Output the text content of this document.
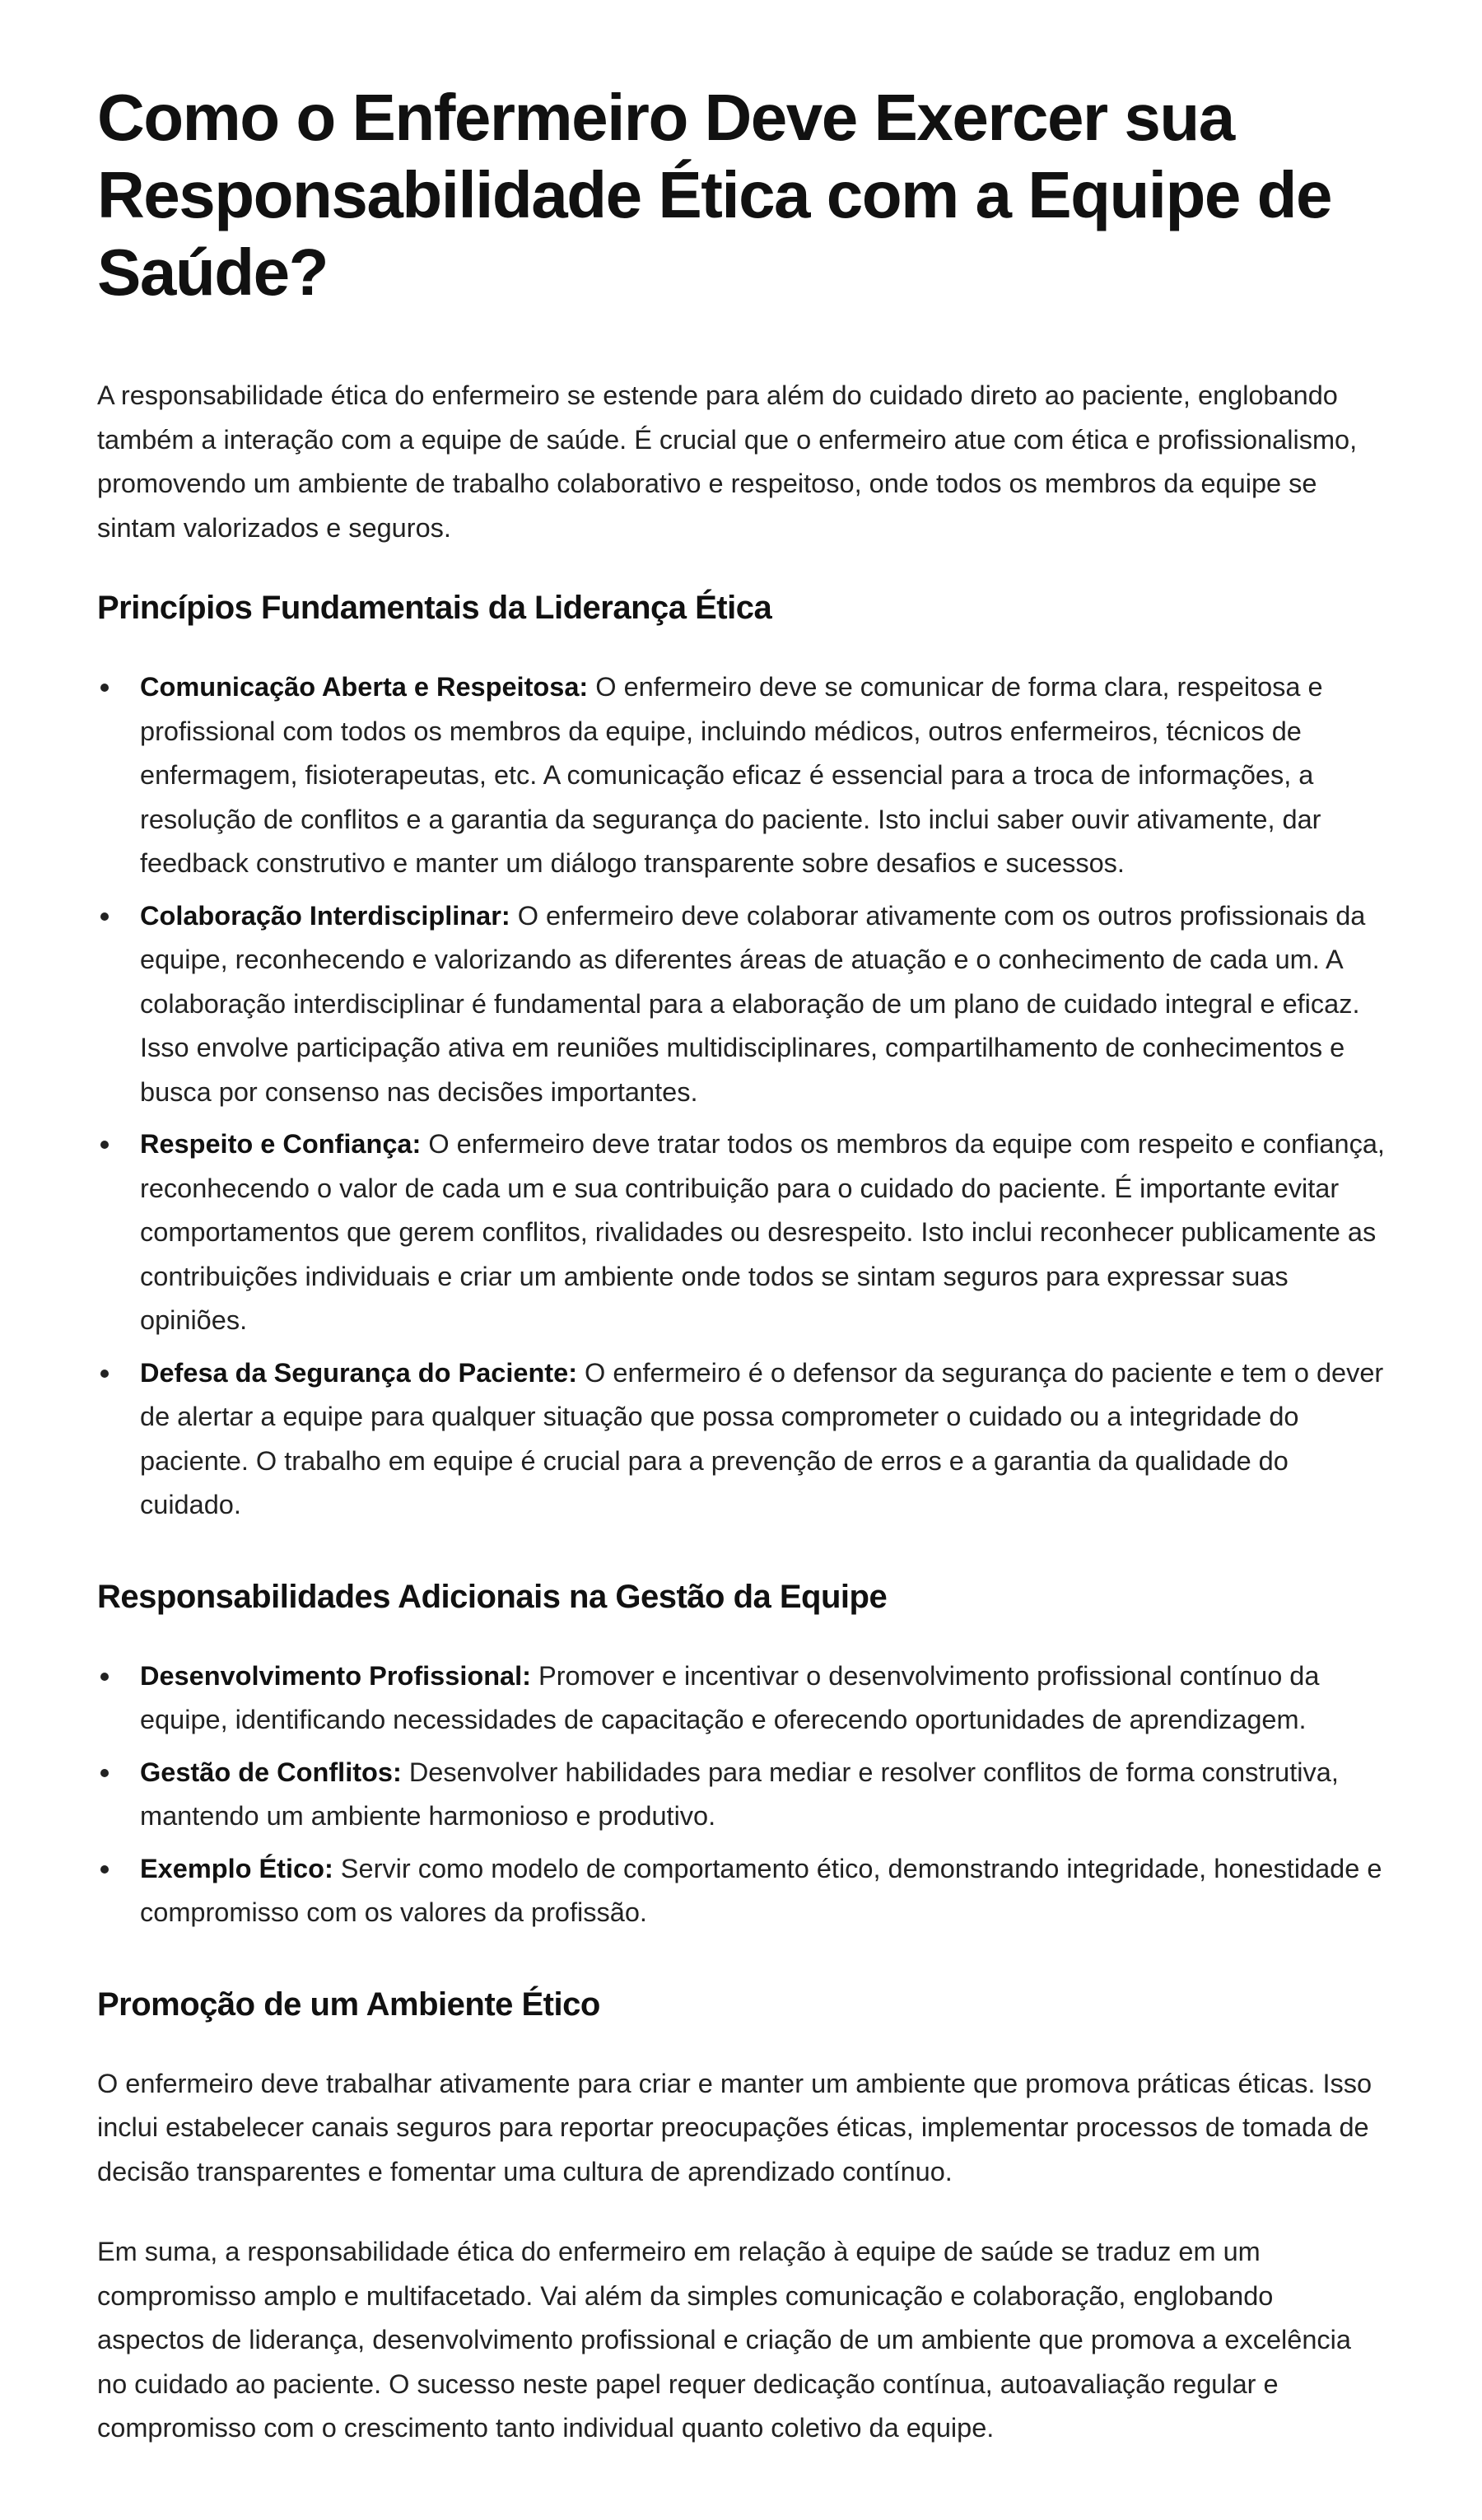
Como o Enfermeiro Deve Exercer sua Responsabilidade Ética com a Equipe de Saúde?

A responsabilidade ética do enfermeiro se estende para além do cuidado direto ao paciente, englobando também a interação com a equipe de saúde. É crucial que o enfermeiro atue com ética e profissionalismo, promovendo um ambiente de trabalho colaborativo e respeitoso, onde todos os membros da equipe se sintam valorizados e seguros.

Princípios Fundamentais da Liderança Ética
Comunicação Aberta e Respeitosa: O enfermeiro deve se comunicar de forma clara, respeitosa e profissional com todos os membros da equipe, incluindo médicos, outros enfermeiros, técnicos de enfermagem, fisioterapeutas, etc. A comunicação eficaz é essencial para a troca de informações, a resolução de conflitos e a garantia da segurança do paciente. Isto inclui saber ouvir ativamente, dar feedback construtivo e manter um diálogo transparente sobre desafios e sucessos.
Colaboração Interdisciplinar: O enfermeiro deve colaborar ativamente com os outros profissionais da equipe, reconhecendo e valorizando as diferentes áreas de atuação e o conhecimento de cada um. A colaboração interdisciplinar é fundamental para a elaboração de um plano de cuidado integral e eficaz. Isso envolve participação ativa em reuniões multidisciplinares, compartilhamento de conhecimentos e busca por consenso nas decisões importantes.
Respeito e Confiança: O enfermeiro deve tratar todos os membros da equipe com respeito e confiança, reconhecendo o valor de cada um e sua contribuição para o cuidado do paciente. É importante evitar comportamentos que gerem conflitos, rivalidades ou desrespeito. Isto inclui reconhecer publicamente as contribuições individuais e criar um ambiente onde todos se sintam seguros para expressar suas opiniões.
Defesa da Segurança do Paciente: O enfermeiro é o defensor da segurança do paciente e tem o dever de alertar a equipe para qualquer situação que possa comprometer o cuidado ou a integridade do paciente. O trabalho em equipe é crucial para a prevenção de erros e a garantia da qualidade do cuidado.
Responsabilidades Adicionais na Gestão da Equipe
Desenvolvimento Profissional: Promover e incentivar o desenvolvimento profissional contínuo da equipe, identificando necessidades de capacitação e oferecendo oportunidades de aprendizagem.
Gestão de Conflitos: Desenvolver habilidades para mediar e resolver conflitos de forma construtiva, mantendo um ambiente harmonioso e produtivo.
Exemplo Ético: Servir como modelo de comportamento ético, demonstrando integridade, honestidade e compromisso com os valores da profissão.
Promoção de um Ambiente Ético

O enfermeiro deve trabalhar ativamente para criar e manter um ambiente que promova práticas éticas. Isso inclui estabelecer canais seguros para reportar preocupações éticas, implementar processos de tomada de decisão transparentes e fomentar uma cultura de aprendizado contínuo.

Em suma, a responsabilidade ética do enfermeiro em relação à equipe de saúde se traduz em um compromisso amplo e multifacetado. Vai além da simples comunicação e colaboração, englobando aspectos de liderança, desenvolvimento profissional e criação de um ambiente que promova a excelência no cuidado ao paciente. O sucesso neste papel requer dedicação contínua, autoavaliação regular e compromisso com o crescimento tanto individual quanto coletivo da equipe.
